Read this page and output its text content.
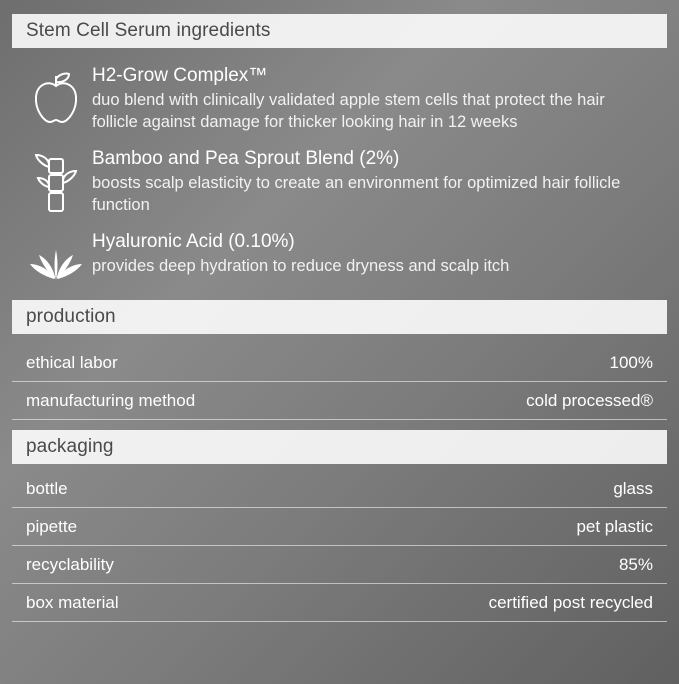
Stem Cell Serum ingredients
H2-Grow Complex™
duo blend with clinically validated apple stem cells that protect the hair follicle against damage for thicker looking hair in 12 weeks
Bamboo and Pea Sprout Blend (2%)
boosts scalp elasticity to create an environment for optimized hair follicle function
Hyaluronic Acid (0.10%)
provides deep hydration to reduce dryness and scalp itch
production
ethical labor	100%
manufacturing method	cold processed®
packaging
bottle	glass
pipette	pet plastic
recyclability	85%
box material	certified post recycled
